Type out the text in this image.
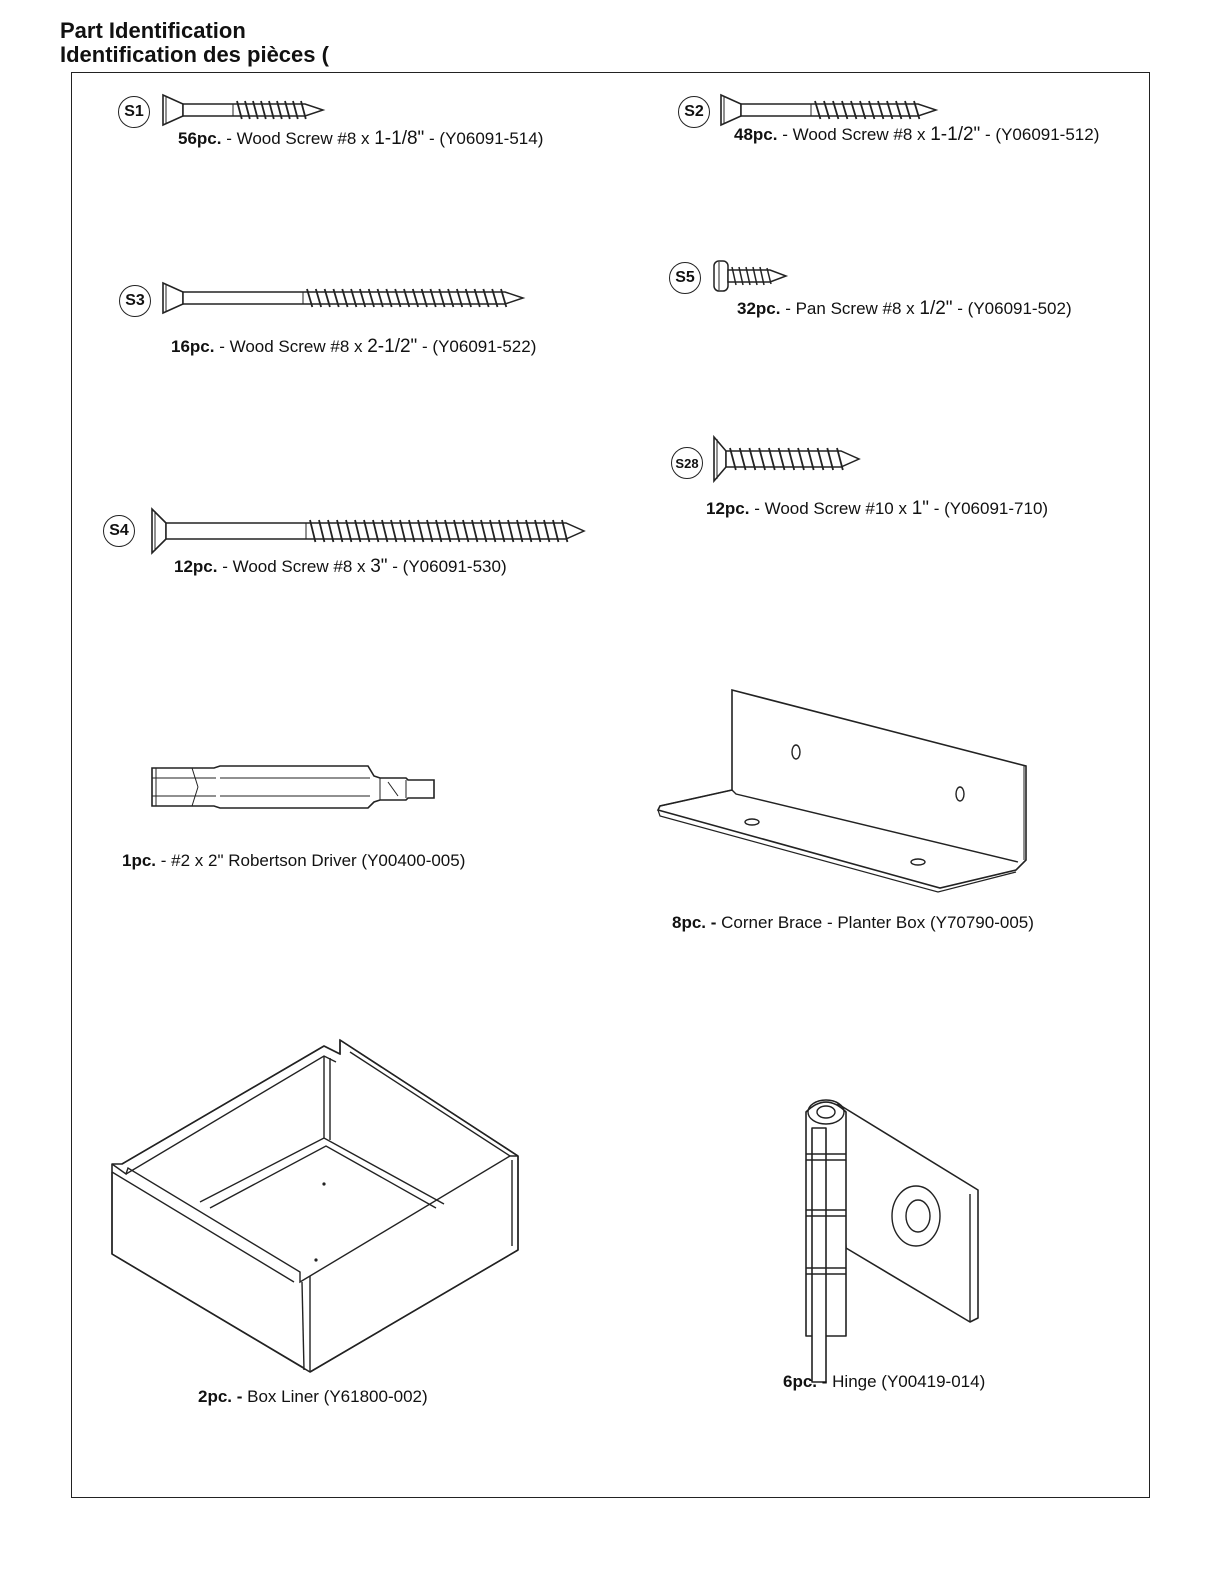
Part Identification
Identification des pièces (
S1
56pc. - Wood Screw #8 x 1-1/8" - (Y06091-514)
S2
48pc. - Wood Screw #8 x 1-1/2" - (Y06091-512)
S3
16pc. - Wood Screw #8 x 2-1/2" - (Y06091-522)
S5
32pc. - Pan Screw #8 x 1/2" - (Y06091-502)
S28
12pc. - Wood Screw #10 x 1" - (Y06091-710)
S4
12pc. - Wood Screw #8 x 3" - (Y06091-530)
1pc. - #2 x 2" Robertson Driver (Y00400-005)
8pc. - Corner Brace - Planter Box (Y70790-005)
2pc. - Box Liner (Y61800-002)
6pc. - Hinge (Y00419-014)
